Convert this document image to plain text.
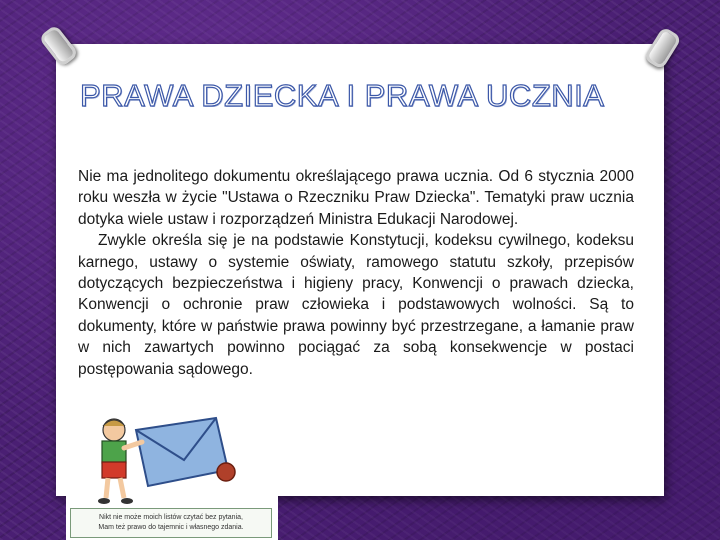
PRAWA DZIECKA I PRAWA UCZNIA

Nie ma jednolitego dokumentu określającego prawa ucznia. Od 6 stycznia 2000 roku weszła w życie "Ustawa o Rzeczniku Praw Dziecka". Tematyki praw ucznia dotyka wiele ustaw i rozporządzeń Ministra Edukacji Narodowej.

Zwykle określa się je na podstawie Konstytucji, kodeksu cywilnego, kodeksu karnego, ustawy o systemie oświaty, ramowego statutu szkoły, przepisów dotyczących bezpieczeństwa i higieny pracy, Konwencji o prawach dziecka, Konwencji o ochronie praw człowieka i podstawowych wolności. Są to dokumenty, które w państwie prawa powinny być przestrzegane, a łamanie praw w nich zawartych powinno pociągać za sobą konsekwencje w postaci postępowania sądowego.

Nikt nie może moich listów czytać bez pytania,
Mam też prawo do tajemnic i własnego zdania.
